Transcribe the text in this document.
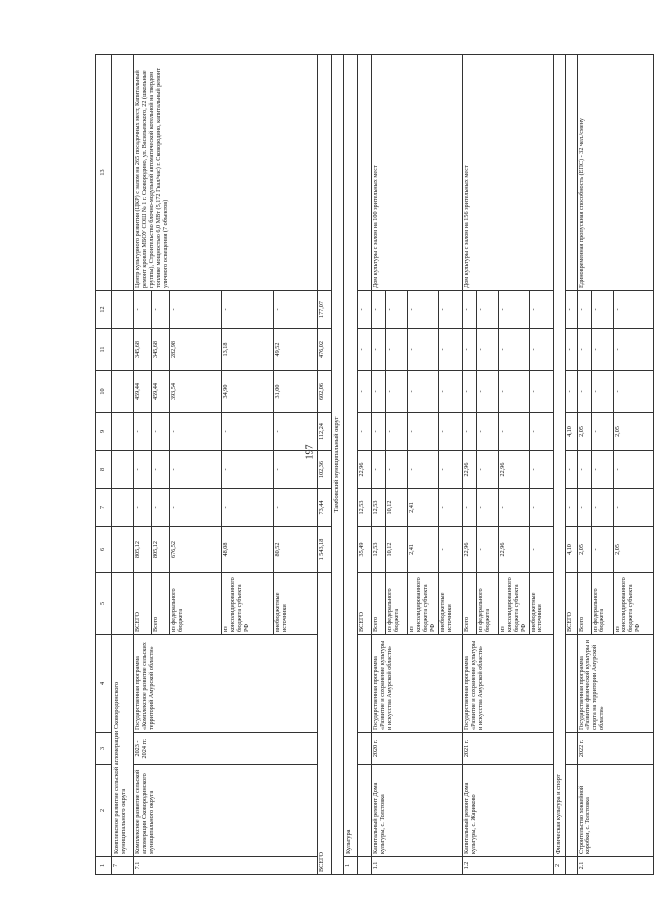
197
1	2	3	4	5	6	7	8	9	10	11	12	13
7	Комплексное развитие сельской агломерации Сковородинского муниципального округа											
7.1	Комплексное развитие сельской агломерации Сковородинского муниципального округа	2023 - 2024 гг.	Государственная программа «Комплексное развитие сельских территорий Амурской области»	ВСЕГО	805,12	-	-	-	459,44	345,68	-	Центр культурного развития (ЦКР) с залом на 265 посадочных мест, Капитальный ремонт кровли МБОУ СОШ № 1 г. Сковородино, ул. Васильевского, 22 (школьные группы), Строительство блочно-модульной автоматической котельной на твердом топливе мощностью 6,0 МВт (5,172 Гкал/час) г. Сковородино, капитальный ремонт уличного освещения (7 объектов)
				Всего	805,12	-	-	-	459,44	345,68	-	
				из федерального бюджета	676,52	-	-	-	393,54	282,98	-	
				из консолидированного бюджета субъекта РФ	48,08	-	-	-	34,90	13,18	-	
				внебюджетные источники	80,52	-	-	-	31,00	49,52	-	
ВСЕГО					1 543,18	73,44	102,36	112,24	602,06	476,02	177,07	
Тамбовский муниципальный округ												
1	Культура											
				ВСЕГО	35,49	12,53	22,96	-	-	-	-	
1.1	Капитальный ремонт Дома культуры, с. Толстовка	2020 г.	Государственная программа «Развитие и сохранение культуры и искусства Амурской области»	Всего	12,53	12,53	-	-	-	-	-	Дом культуры с залом на 100 зрительных мест
				из федерального бюджета	10,12	10,12	-	-	-	-	-	
				из консолидированного бюджета субъекта РФ	2,41	2,41	-	-	-	-	-	
				внебюджетные источники	-	-	-	-	-	-	-	
1.2	Капитальный ремонт Дома культуры, с. Жариково	2021 г.	Государственная программа «Развитие и сохранение культуры и искусства Амурской области»	Всего	22,96	-	22,96	-	-	-	-	Дом культуры с залом на 156 зрительных мест
				из федерального бюджета	-	-	-	-	-	-	-	
				из консолидированного бюджета субъекта РФ	22,96	-	22,96	-	-	-	-	
				внебюджетные источники	-	-	-	-	-	-	-	
2	Физическая культура и спорт											
				ВСЕГО	4,10	-	-	4,10	-	-	-	
2.1	Строительство хоккейной коробки, с. Толстовка	2022 г.	Государственная программа «Развитие физической культуры и спорта на территории Амурской области»	Всего	2,05	-	-	2,05	-	-	-	Единовременная пропускная способность (ЕПС) - 32 чел./смену
				из федерального бюджета	-	-	-	-	-	-	-	
				из консолидированного бюджета субъекта РФ	2,05	-	-	2,05	-	-	-	
